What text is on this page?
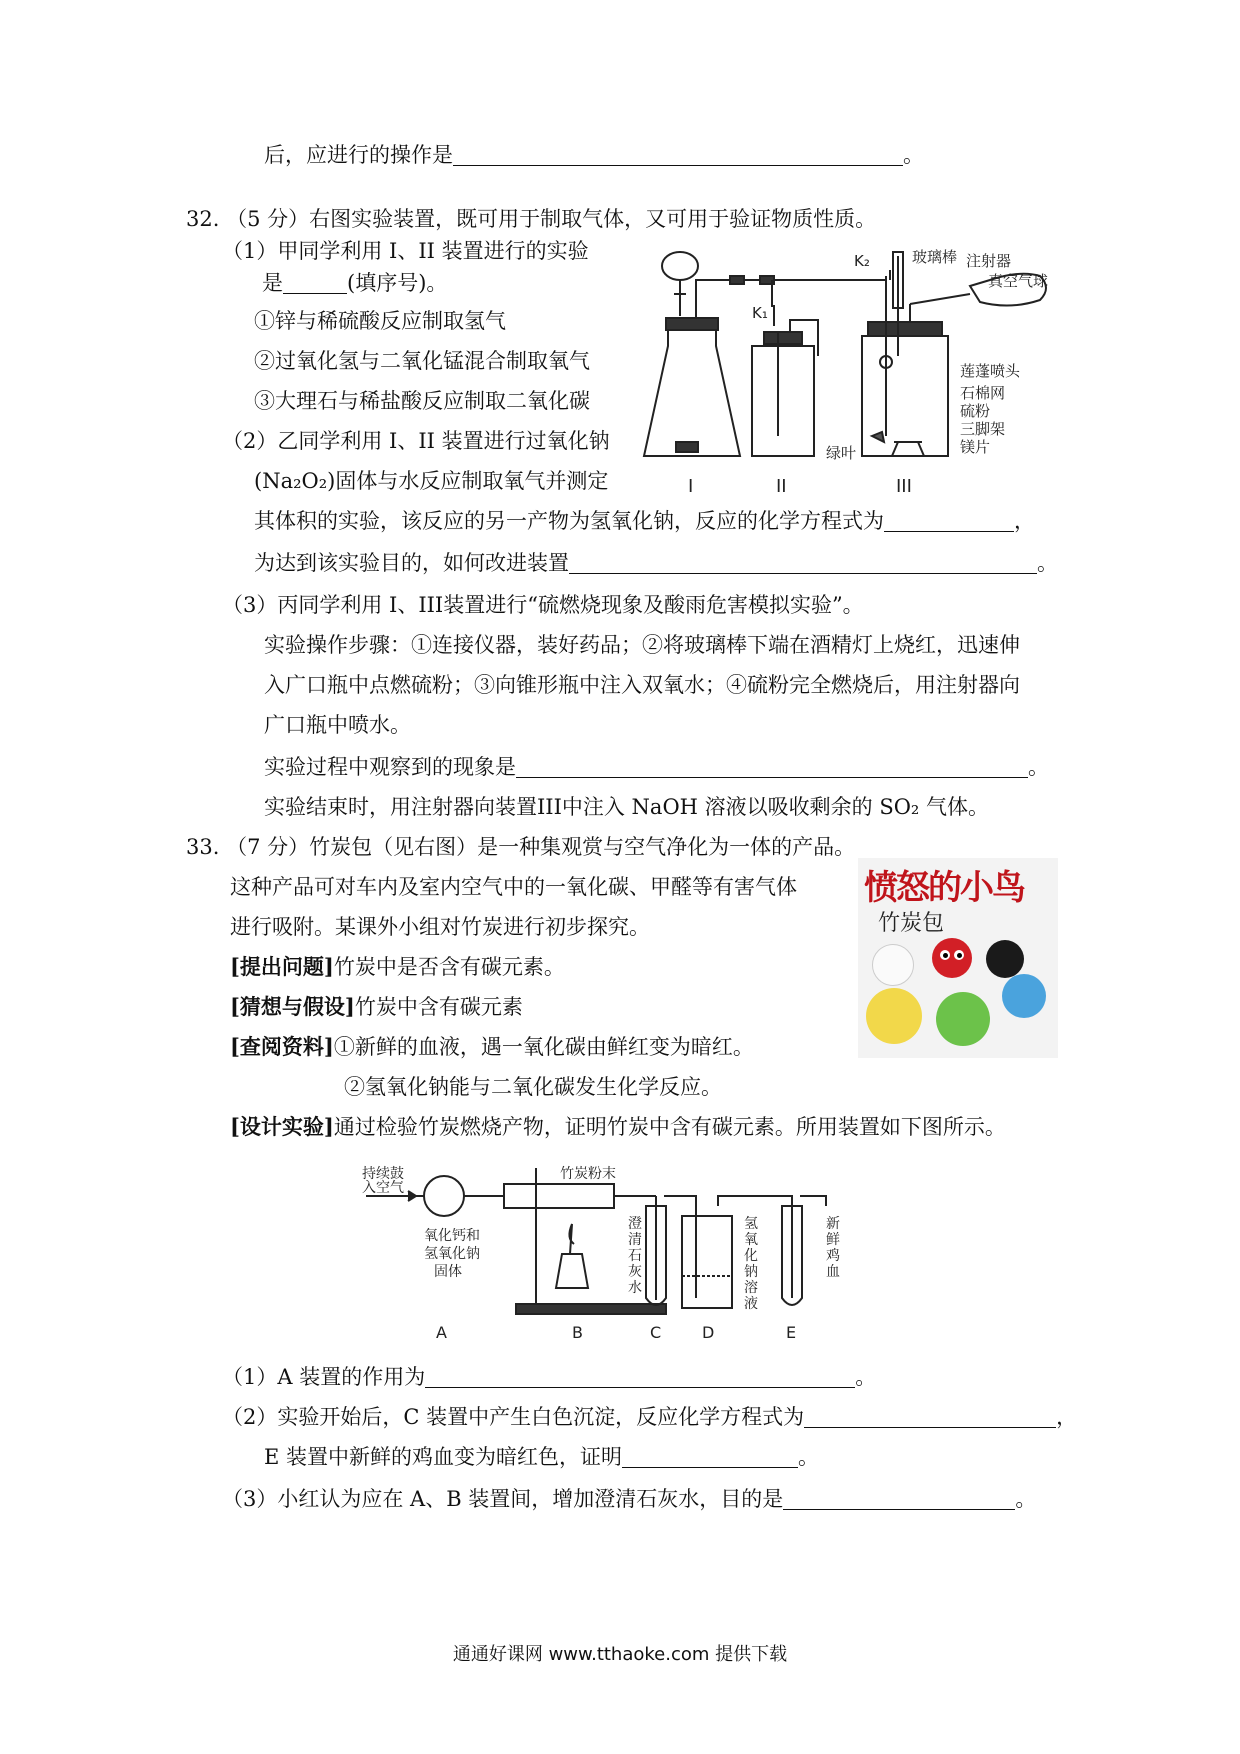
后，应进行的操作是	。
32. （5 分）右图实验装置，既可用于制取气体，又可用于验证物质性质。
（1）甲同学利用 I、II 装置进行的实验
是	(填序号)。
①锌与稀硫酸反应制取氢气
②过氧化氢与二氧化锰混合制取氧气
③大理石与稀盐酸反应制取二氧化碳
（2）乙同学利用 I、II 装置进行过氧化钠
(Na₂O₂)固体与水反应制取氧气并测定
其体积的实验，该反应的另一产物为氢氧化钠，反应的化学方程式为	，
为达到该实验目的，如何改进装置	。
（3）丙同学利用 I、III装置进行“硫燃烧现象及酸雨危害模拟实验”。
实验操作步骤：①连接仪器，装好药品；②将玻璃棒下端在酒精灯上烧红，迅速伸
入广口瓶中点燃硫粉；③向锥形瓶中注入双氧水；④硫粉完全燃烧后，用注射器向
广口瓶中喷水。
实验过程中观察到的现象是	。
实验结束时，用注射器向装置III中注入 NaOH 溶液以吸收剩余的 SO₂ 气体。
K₂	玻璃棒 注射器
真空气球
K₁
莲蓬喷头
石棉网
硫粉
三脚架
镁片
绿叶
I	II	III
33. （7 分）竹炭包（见右图）是一种集观赏与空气净化为一体的产品。
这种产品可对车内及室内空气中的一氧化碳、甲醛等有害气体
进行吸附。某课外小组对竹炭进行初步探究。
[提出问题]竹炭中是否含有碳元素。
[猜想与假设]竹炭中含有碳元素
[查阅资料]①新鲜的血液，遇一氧化碳由鲜红变为暗红。
②氢氧化钠能与二氧化碳发生化学反应。
[设计实验]通过检验竹炭燃烧产物，证明竹炭中含有碳元素。所用装置如下图所示。
愤怒的小鸟
竹炭包
持续鼓
入空气
氧化钙和
氢氧化钠
固体
竹炭粉末
澄
清
石
灰
水
氢
氧
化
钠
溶
液
新
鲜
鸡
血
A	B	C	D	E
（1）A 装置的作用为	。
（2）实验开始后，C 装置中产生白色沉淀，反应化学方程式为	，
E 装置中新鲜的鸡血变为暗红色，证明	。
（3）小红认为应在 A、B 装置间，增加澄清石灰水，目的是	。
通通好课网 www.tthaoke.com 提供下载
